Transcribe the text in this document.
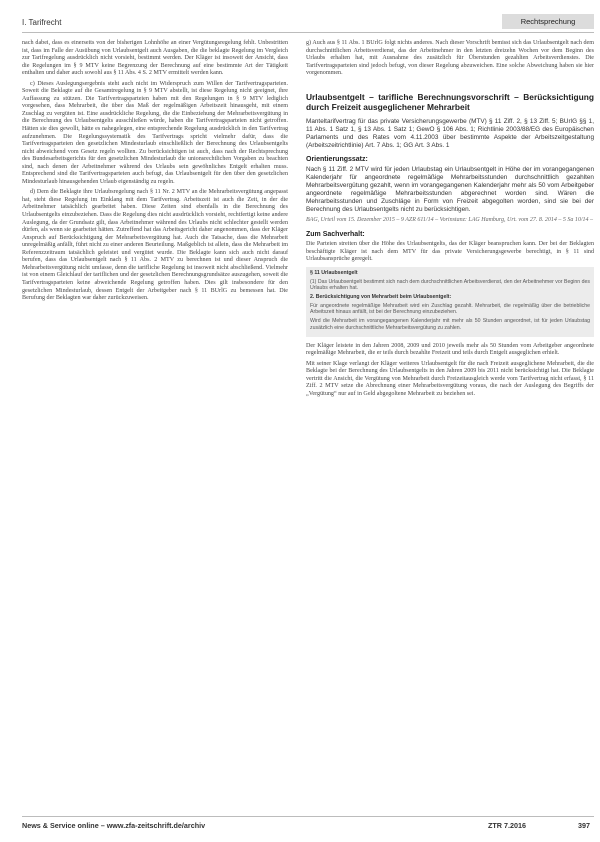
I. Tarifrecht	Rechtsprechung

nach dabei, dass es einerseits von der bisherigen Lohnhöhe an einer Vergütungsregelung fehlt. Unbestritten ist, dass im Falle der Ausübung von Urlaubsentgelt auch Ausgaben, die die beklagte Regelung im Vergleich zur Tarifregelung ausdrücklich nicht vorsieht, bestimmt werden. Der Kläger ist insoweit der Ansicht, dass die Regelungen im § 9 MTV keine Begrenzung der Berechnung auf eine bestimmte Art der Tätigkeit enthalten und daher auch sowohl aus § 11 Abs. 4 S. 2 MTV ermittelt werden kann.

c) Dieses Auslegungsergebnis steht auch nicht im Widerspruch zum Willen der Tarifvertragsparteien. Soweit die Beklagte auf die Gesamtregelung in § 9 MTV abstellt, ist diese Regelung nicht geeignet, ihre Auffassung zu stützen. Die Tarifvertragsparteien haben mit den Regelungen in § 9 MTV lediglich vorgesehen, dass Mehrarbeit, die über das Maß der regelmäßigen Arbeitszeit hinausgeht, mit einem Zuschlag zu vergüten ist. Eine ausdrückliche Regelung, die die Einbeziehung der Mehrarbeitsvergütung in die Berechnung des Urlaubsentgelts ausschließen würde, haben die Tarifvertragsparteien nicht getroffen. Hätten sie dies gewollt, hätte es nahegelegen, eine entsprechende Regelung ausdrücklich in den Tarifvertrag aufzunehmen. Die Regelungssystematik des Tarifvertrags spricht vielmehr dafür, dass die Tarifvertragsparteien den gesetzlichen Mindesturlaub einschließlich der Berechnung des Urlaubsentgelts nicht abweichend vom Gesetz regeln wollten. Zu berücksichtigen ist auch, dass nach der Rechtsprechung des Bundesarbeitsgerichts für den gesetzlichen Mindesturlaub die unionsrechtlichen Vorgaben zu beachten sind, nach denen der Arbeitnehmer während des Urlaubs sein gewöhnliches Entgelt erhalten muss. Entsprechend sind die Tarifvertragsparteien auch befugt, das Urlaubsentgelt für den über den gesetzlichen Mindesturlaub hinausgehenden Urlaub eigenständig zu regeln.

d) Dem die Beklagte ihre Urlaubsregelung nach § 11 Nr. 2 MTV an die Mehrarbeitsvergütung angepasst hat, steht diese Regelung im Einklang mit dem Tarifvertrag. Arbeitszeit ist auch die Zeit, in der die Arbeitnehmer tatsächlich gearbeitet haben. Diese Zeiten sind ebenfalls in die Berechnung des Urlaubsentgelts einzubeziehen. Dass die Regelung dies nicht ausdrücklich vorsieht, rechtfertigt keine andere Auslegung, da der Grundsatz gilt, dass Arbeitnehmer während des Urlaubs nicht schlechter gestellt werden dürfen, als wenn sie gearbeitet hätten. Zutreffend hat das Arbeitsgericht daher angenommen, dass der Kläger Anspruch auf Berücksichtigung der Mehrarbeitsvergütung hat. Auch die Tatsache, dass die Mehrarbeit unregelmäßig anfällt, führt nicht zu einer anderen Beurteilung. Maßgeblich ist allein, dass die Mehrarbeit im Referenzzeitraum tatsächlich geleistet und vergütet wurde. Die Beklagte kann sich auch nicht darauf berufen, dass das Urlaubsentgelt nach § 11 Abs. 2 MTV zu berechnen ist und dieser Anspruch die Mehrarbeitsvergütung nicht umfasse, denn die tarifliche Regelung ist insoweit nicht abschließend. Vielmehr ist von einem Gleichlauf der tariflichen und der gesetzlichen Berechnungsgrundsätze auszugehen, soweit die Tarifvertragsparteien keine abweichende Regelung getroffen haben. Dies gilt insbesondere für den gesetzlichen Mindesturlaub, dessen Entgelt der Arbeitgeber nach § 11 BUrlG zu bemessen hat. Die Berufung der Beklagten war daher zurückzuweisen.

g) Auch aus § 11 Abs. 1 BUrlG folgt nichts anderes. Nach dieser Vorschrift bemisst sich das Urlaubsentgelt nach dem durchschnittlichen Arbeitsverdienst, das der Arbeitnehmer in den letzten dreizehn Wochen vor dem Beginn des Urlaubs erhalten hat, mit Ausnahme des zusätzlich für Überstunden gezahlten Arbeitsverdienstes. Die Tarifvertragsparteien sind jedoch befugt, von dieser Regelung abzuweichen. Eine solche Abweichung haben sie hier vorgenommen.

Urlaubsentgelt – tarifliche Berechnungsvorschrift – Berücksichtigung durch Freizeit ausgeglichener Mehrarbeit

Manteltarifvertrag für das private Versicherungsgewerbe (MTV) § 11 Ziff. 2, § 13 Ziff. 5; BUrlG §§ 1, 11 Abs. 1 Satz 1, § 13 Abs. 1 Satz 1; GewO § 106 Abs. 1; Richtlinie 2003/88/EG des Europäischen Parlaments und des Rates vom 4.11.2003 über bestimmte Aspekte der Arbeitszeitgestaltung (Arbeitszeitrichtlinie) Art. 7 Abs. 1; GG Art. 3 Abs. 1

Orientierungssatz:

Nach § 11 Ziff. 2 MTV wird für jeden Urlaubstag ein Urlaubsentgelt in Höhe der im vorangegangenen Kalenderjahr für angeordnete regelmäßige Mehrarbeitsstunden durchschnittlich gezahlten Mehrarbeitsvergütung gezahlt, wenn im vorangegangenen Kalenderjahr mehr als 50 vom Arbeitgeber angeordnete regelmäßige Mehrarbeitsstunden abgerechnet worden sind. Wären die Mehrarbeitsstunden und Zuschläge in Form von Freizeit abgegolten worden, sind sie bei der Berechnung des Urlaubsentgelts nicht zu berücksichtigen.

BAG, Urteil vom 15. Dezember 2015 – 9 AZR 611/14 – Vorinstanz: LAG Hamburg, Urt. vom 27. 8. 2014 – 5 Sa 10/14 –

Zum Sachverhalt:

Die Parteien streiten über die Höhe des Urlaubsentgelts, das der Kläger beanspruchen kann. Der bei der Beklagten beschäftigte Kläger ist nach dem MTV für das private Versicherungsgewerbe berechtigt, in § 11 sind Urlaubsansprüche geregelt.

§ 11 Urlaubsentgelt
(1) Das Urlaubsentgelt bestimmt sich nach dem durchschnittlichen Arbeitsverdienst, den der Arbeitnehmer vor Beginn des Urlaubs erhalten hat.
2. Berücksichtigung von Mehrarbeit beim Urlaubsentgelt:
Für angeordnete regelmäßige Mehrarbeit wird ein Zuschlag gezahlt. Mehrarbeit, die regelmäßig über die betriebliche Arbeitszeit hinaus anfällt, ist bei der Berechnung einzubeziehen.
Wird die Mehrarbeit im vorangegangenen Kalenderjahr mit mehr als 50 Stunden angeordnet, ist für jeden Urlaubstag zusätzlich eine durchschnittliche Mehrarbeitsvergütung zu zahlen.

Der Kläger leistete in den Jahren 2008, 2009 und 2010 jeweils mehr als 50 Stunden vom Arbeitgeber angeordnete regelmäßige Mehrarbeit, die er teils durch bezahlte Freizeit und teils durch Entgelt ausgeglichen erhielt.

Mit seiner Klage verlangt der Kläger weiteres Urlaubsentgelt für die nach Freizeit ausgeglichene Mehrarbeit, die die Beklagte bei der Berechnung des Urlaubsentgelts in den Jahren 2009 bis 2011 nicht berücksichtigt hat. Die Beklagte vertritt die Ansicht, die Vergütung von Mehrarbeit durch Freizeitausgleich werde vom Tarifvertrag nicht erfasst, § 11 Ziff. 2 MTV setze die Abrechnung einer Mehrarbeitsvergütung voraus, die nach der Auslegung des Begriffs der „Vergütung“ nur auf in Geld abgegoltene Mehrarbeit zu beziehen sei.

News & Service online – www.zfa-zeitschrift.de/archiv	ZTR 7.2016	397
